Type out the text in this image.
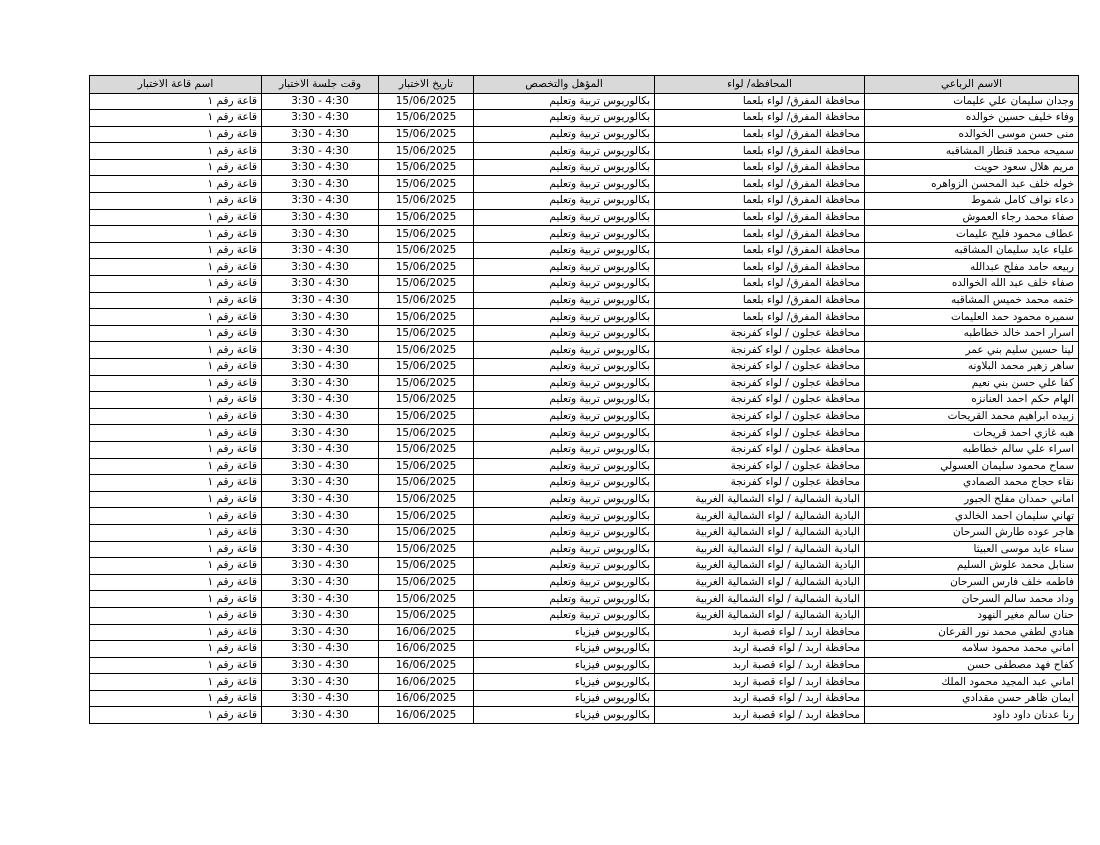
اسم قاعة الاختبار	وقت جلسة الاختبار	تاريخ الاختبار	المؤهل والتخصص	المحافظه/ لواء	الاسم الرباعي
قاعة رقم ١	3:30 - 4:30	15/06/2025	بكالوريوس تربية وتعليم	محافظة المفرق/ لواء بلعما	وجدان سليمان علي عليمات
قاعة رقم ١	3:30 - 4:30	15/06/2025	بكالوريوس تربية وتعليم	محافظة المفرق/ لواء بلعما	وفاء خليف حسين خوالده
قاعة رقم ١	3:30 - 4:30	15/06/2025	بكالوريوس تربية وتعليم	محافظة المفرق/ لواء بلعما	منى حسن موسى الخوالده
قاعة رقم ١	3:30 - 4:30	15/06/2025	بكالوريوس تربية وتعليم	محافظة المفرق/ لواء بلعما	سميحه محمد قنطار المشاقبه
قاعة رقم ١	3:30 - 4:30	15/06/2025	بكالوريوس تربية وتعليم	محافظة المفرق/ لواء بلعما	مريم هلال سعود حويت
قاعة رقم ١	3:30 - 4:30	15/06/2025	بكالوريوس تربية وتعليم	محافظة المفرق/ لواء بلعما	خوله خلف عبد المحسن الزواهره
قاعة رقم ١	3:30 - 4:30	15/06/2025	بكالوريوس تربية وتعليم	محافظة المفرق/ لواء بلعما	دعاء نواف كامل شموط
قاعة رقم ١	3:30 - 4:30	15/06/2025	بكالوريوس تربية وتعليم	محافظة المفرق/ لواء بلعما	صفاء محمد رجاء العموش
قاعة رقم ١	3:30 - 4:30	15/06/2025	بكالوريوس تربية وتعليم	محافظة المفرق/ لواء بلعما	عطاف محمود فليح عليمات
قاعة رقم ١	3:30 - 4:30	15/06/2025	بكالوريوس تربية وتعليم	محافظة المفرق/ لواء بلعما	علياء عايد سليمان المشاقبه
قاعة رقم ١	3:30 - 4:30	15/06/2025	بكالوريوس تربية وتعليم	محافظة المفرق/ لواء بلعما	ربيعه حامد مفلح عبدالله
قاعة رقم ١	3:30 - 4:30	15/06/2025	بكالوريوس تربية وتعليم	محافظة المفرق/ لواء بلعما	صفاء خلف عبد الله الخوالده
قاعة رقم ١	3:30 - 4:30	15/06/2025	بكالوريوس تربية وتعليم	محافظة المفرق/ لواء بلعما	ختمه محمد خميس المشاقبه
قاعة رقم ١	3:30 - 4:30	15/06/2025	بكالوريوس تربية وتعليم	محافظة المفرق/ لواء بلعما	سميره محمود حمد العليمات
قاعة رقم ١	3:30 - 4:30	15/06/2025	بكالوريوس تربية وتعليم	محافظة عجلون / لواء كفرنجة	اسرار احمد خالد خطاطبه
قاعة رقم ١	3:30 - 4:30	15/06/2025	بكالوريوس تربية وتعليم	محافظة عجلون / لواء كفرنجة	لينا حسين سليم بني عمر
قاعة رقم ١	3:30 - 4:30	15/06/2025	بكالوريوس تربية وتعليم	محافظة عجلون / لواء كفرنجة	ساهر زهير محمد البلاونه
قاعة رقم ١	3:30 - 4:30	15/06/2025	بكالوريوس تربية وتعليم	محافظة عجلون / لواء كفرنجة	كفا علي حسن بني نعيم
قاعة رقم ١	3:30 - 4:30	15/06/2025	بكالوريوس تربية وتعليم	محافظة عجلون / لواء كفرنجة	الهام حكم احمد العنانزه
قاعة رقم ١	3:30 - 4:30	15/06/2025	بكالوريوس تربية وتعليم	محافظة عجلون / لواء كفرنجة	زبيده ابراهيم محمد القريحات
قاعة رقم ١	3:30 - 4:30	15/06/2025	بكالوريوس تربية وتعليم	محافظة عجلون / لواء كفرنجة	هبه غازي احمد قريحات
قاعة رقم ١	3:30 - 4:30	15/06/2025	بكالوريوس تربية وتعليم	محافظة عجلون / لواء كفرنجة	اسراء علي سالم خطاطبه
قاعة رقم ١	3:30 - 4:30	15/06/2025	بكالوريوس تربية وتعليم	محافظة عجلون / لواء كفرنجة	سماح محمود سليمان العسولي
قاعة رقم ١	3:30 - 4:30	15/06/2025	بكالوريوس تربية وتعليم	محافظة عجلون / لواء كفرنجة	نقاء حجاج محمد الصمادي
قاعة رقم ١	3:30 - 4:30	15/06/2025	بكالوريوس تربية وتعليم	البادية الشمالية / لواء الشمالية الغربية	اماني حمدان مفلح الجبور
قاعة رقم ١	3:30 - 4:30	15/06/2025	بكالوريوس تربية وتعليم	البادية الشمالية / لواء الشمالية الغربية	تهاني سليمان احمد الخالدي
قاعة رقم ١	3:30 - 4:30	15/06/2025	بكالوريوس تربية وتعليم	البادية الشمالية / لواء الشمالية الغربية	هاجر عوده طارش السرحان
قاعة رقم ١	3:30 - 4:30	15/06/2025	بكالوريوس تربية وتعليم	البادية الشمالية / لواء الشمالية الغربية	سناء عايد موسى العبيثا
قاعة رقم ١	3:30 - 4:30	15/06/2025	بكالوريوس تربية وتعليم	البادية الشمالية / لواء الشمالية الغربية	سنابل محمد علوش السليم
قاعة رقم ١	3:30 - 4:30	15/06/2025	بكالوريوس تربية وتعليم	البادية الشمالية / لواء الشمالية الغربية	فاطمه خلف فارس السرحان
قاعة رقم ١	3:30 - 4:30	15/06/2025	بكالوريوس تربية وتعليم	البادية الشمالية / لواء الشمالية الغربية	وداد محمد سالم السرحان
قاعة رقم ١	3:30 - 4:30	15/06/2025	بكالوريوس تربية وتعليم	البادية الشمالية / لواء الشمالية الغربية	حنان سالم مغير النهود
قاعة رقم ١	3:30 - 4:30	16/06/2025	بكالوريوس فيزياء	محافظة اربد / لواء قصبة اربد	هنادي لطفي محمد نور القرعان
قاعة رقم ١	3:30 - 4:30	16/06/2025	بكالوريوس فيزياء	محافظة اربد / لواء قصبة اربد	اماني محمد محمود سلامه
قاعة رقم ١	3:30 - 4:30	16/06/2025	بكالوريوس فيزياء	محافظة اربد / لواء قصبة اربد	كفاح فهد مصطفى حسن
قاعة رقم ١	3:30 - 4:30	16/06/2025	بكالوريوس فيزياء	محافظة اربد / لواء قصبة اربد	اماني عبد المجيد محمود الملك
قاعة رقم ١	3:30 - 4:30	16/06/2025	بكالوريوس فيزياء	محافظة اربد / لواء قصبة اربد	ايمان ظاهر حسن مقدادي
قاعة رقم ١	3:30 - 4:30	16/06/2025	بكالوريوس فيزياء	محافظة اربد / لواء قصبة اربد	رنا عدنان داود داود
